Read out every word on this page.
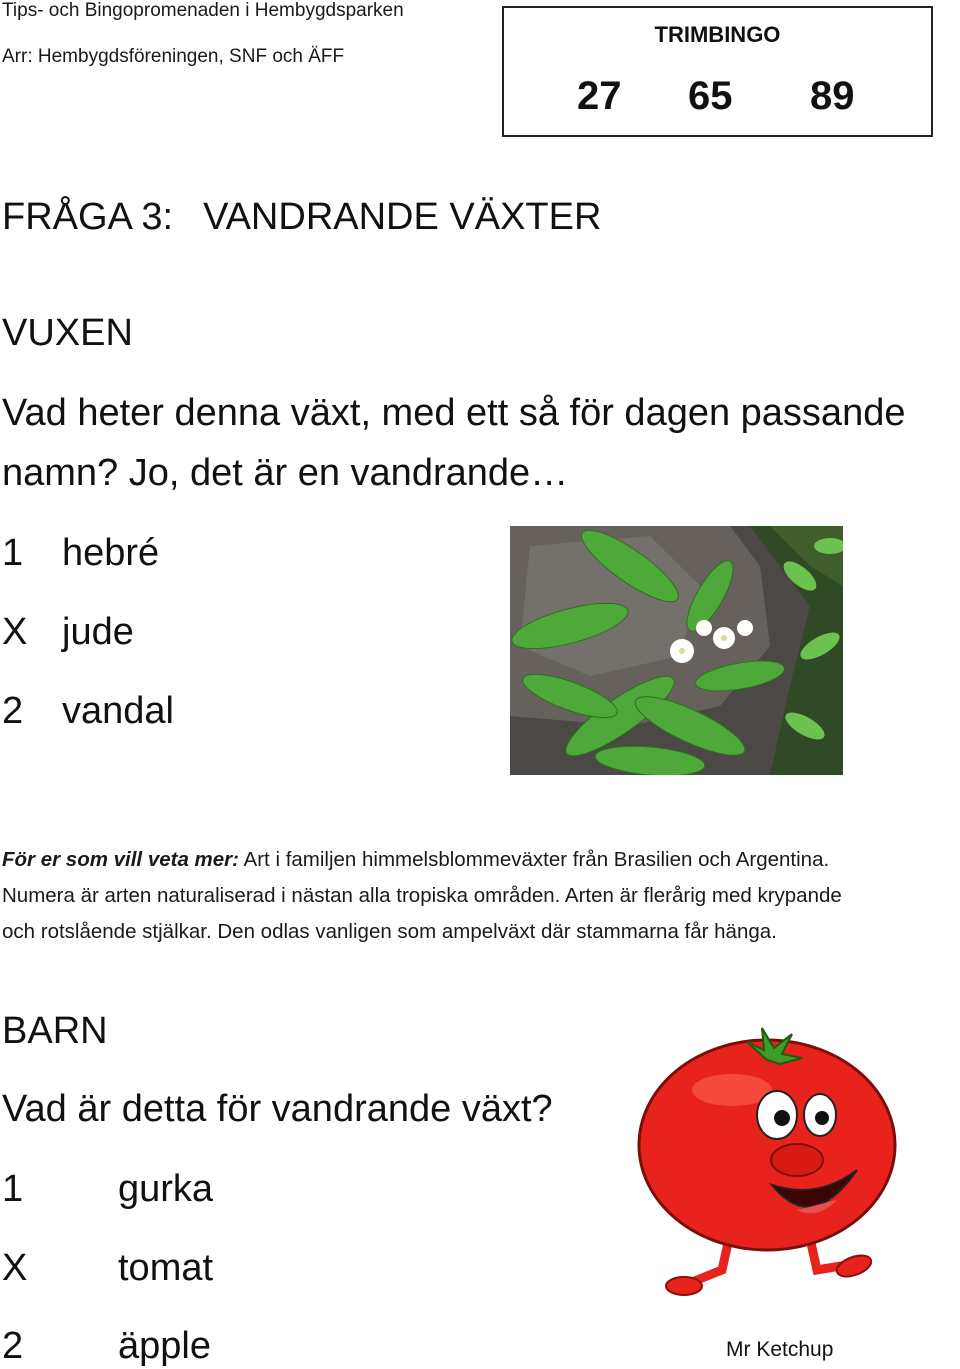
Tips- och Bingopromenaden i Hembygdsparken
Arr: Hembygdsföreningen, SNF och ÄFF
TRIMBINGO
27 65 89
FRÅGA 3: VANDRANDE VÄXTER
VUXEN
Vad heter denna växt, med ett så för dagen passande
namn? Jo, det är en vandrande…
1 hebré
X jude
2 vandal
För er som vill veta mer: Art i familjen himmelsblommeväxter från Brasilien och Argentina.
Numera är arten naturaliserad i nästan alla tropiska områden. Arten är flerårig med krypande
och rotslående stjälkar. Den odlas vanligen som ampelväxt där stammarna får hänga.
BARN
Vad är detta för vandrande växt?
1 gurka
X tomat
2 äpple	Mr Ketchup
